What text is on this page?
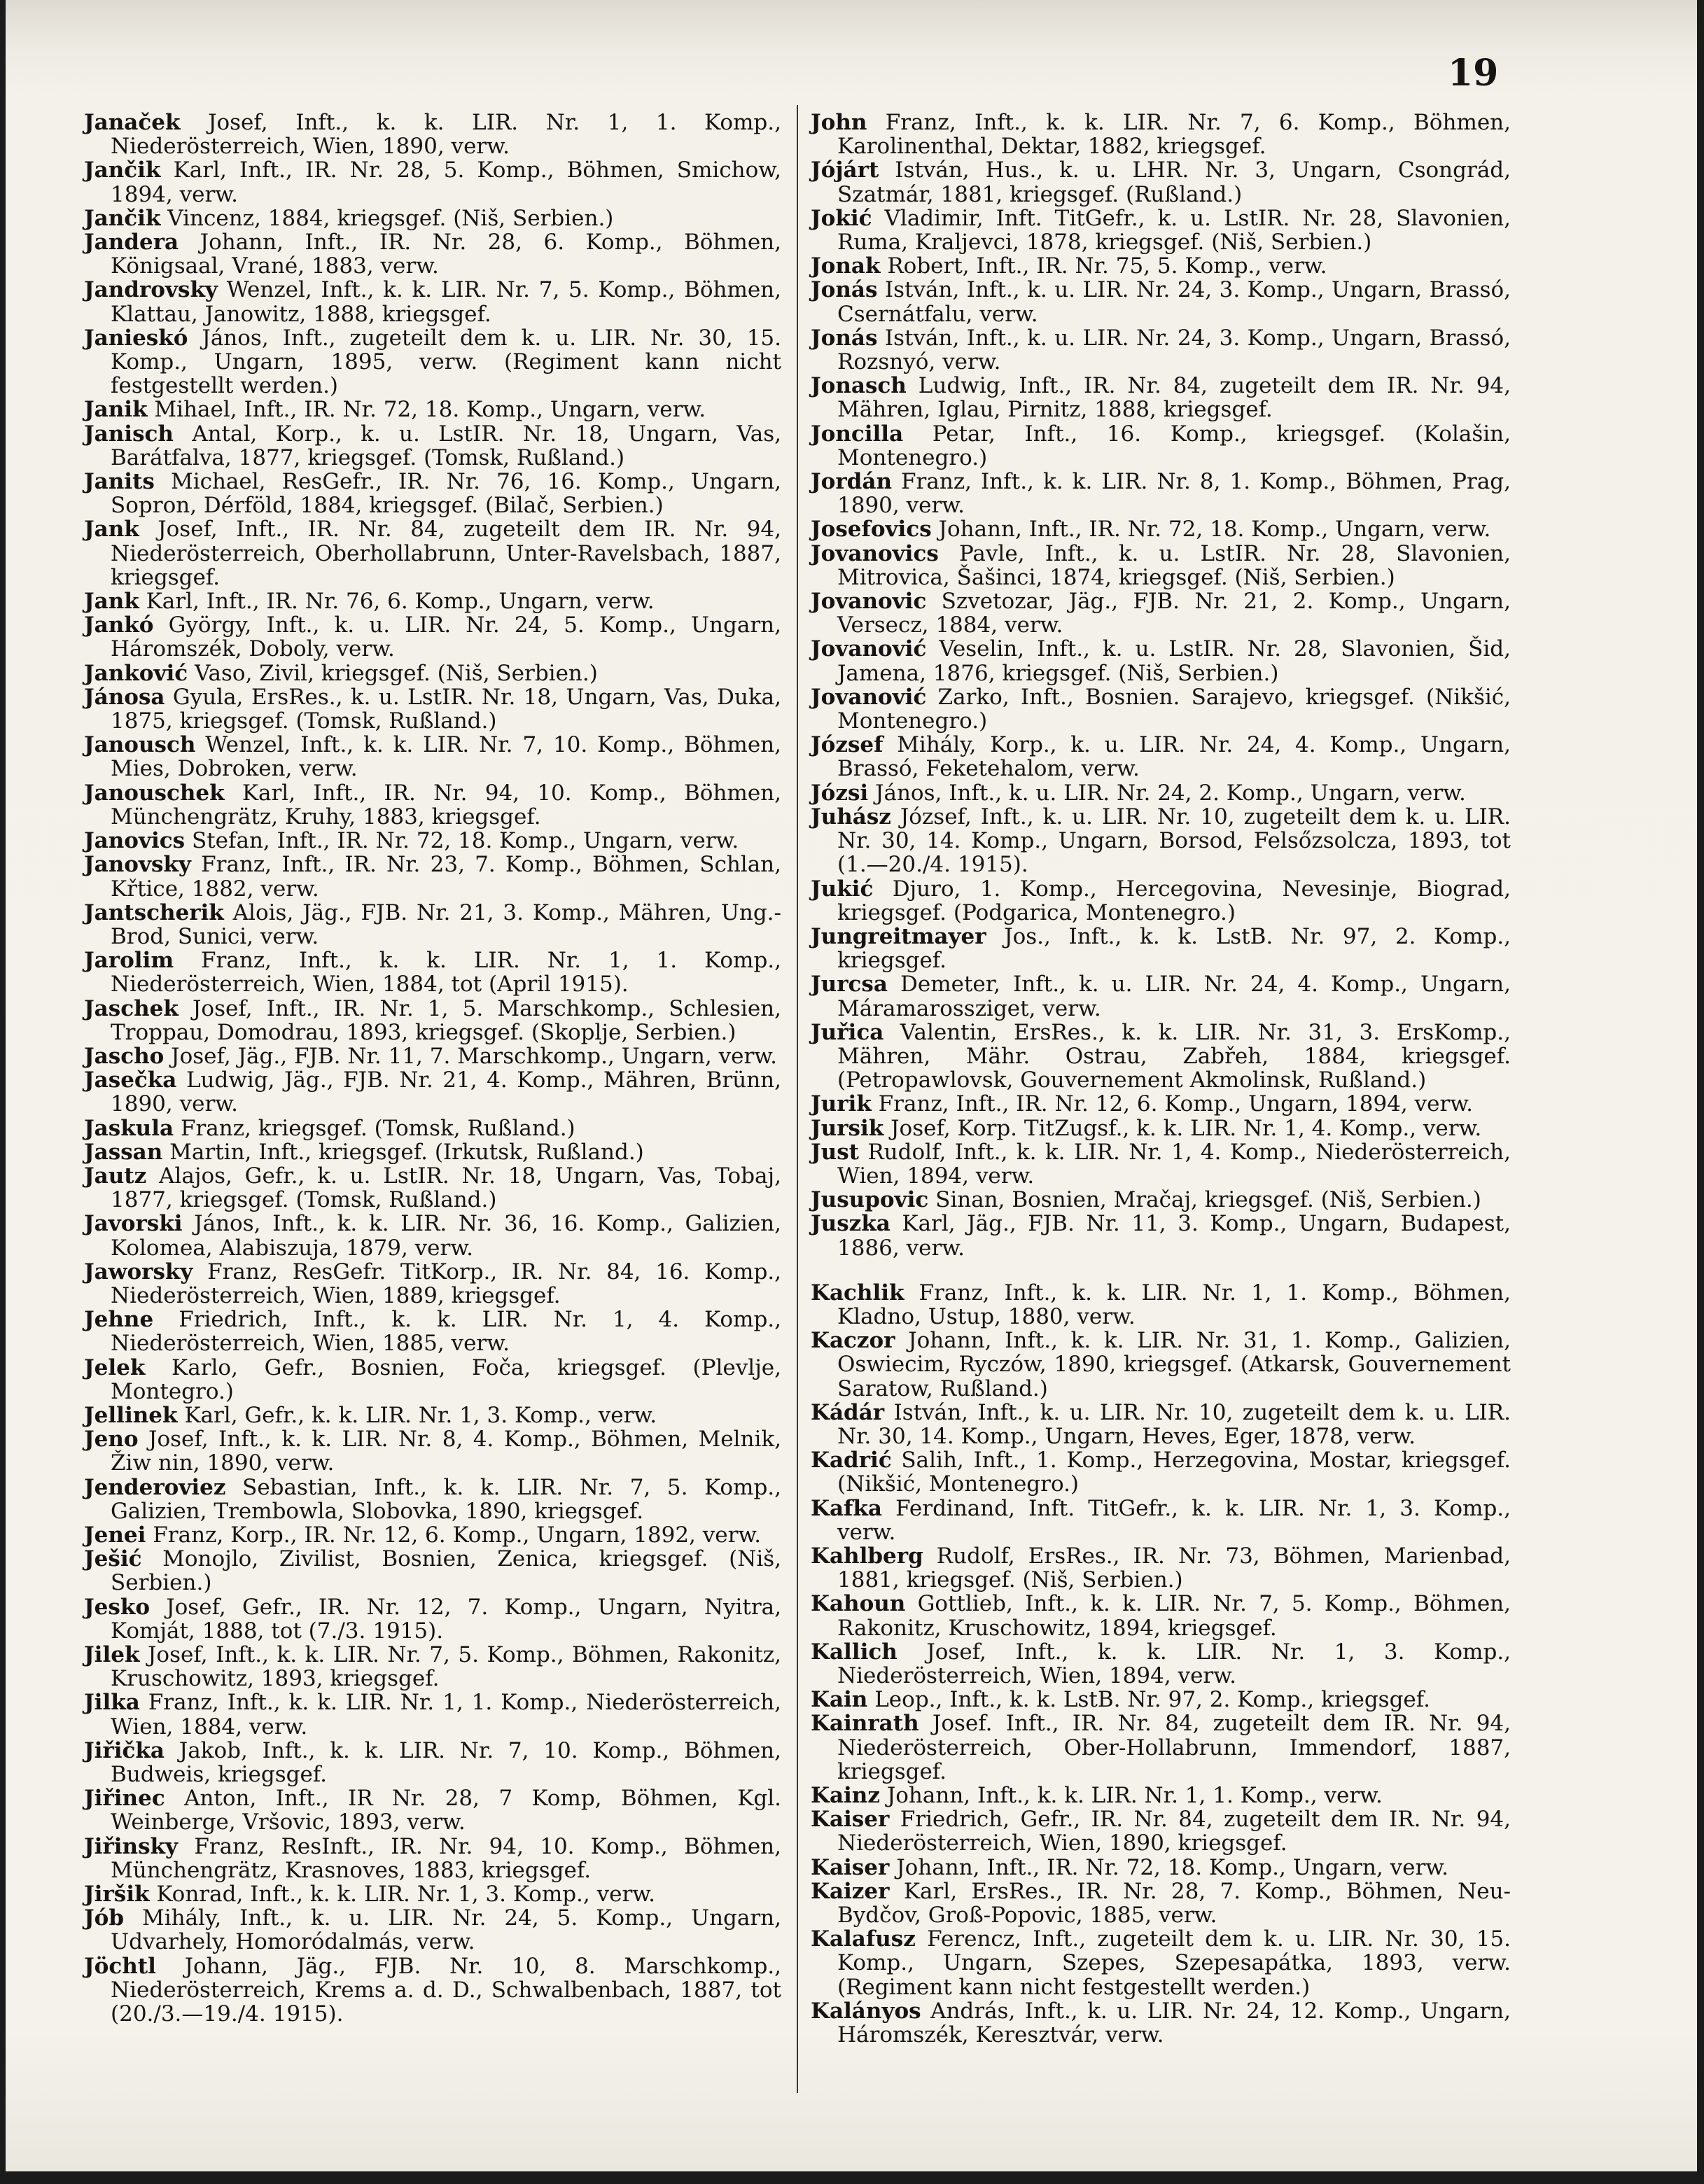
19

Janaček Josef, Inft., k. k. LIR. Nr. 1, 1. Komp., Niederösterreich, Wien, 1890, verw.

Jančik Karl, Inft., IR. Nr. 28, 5. Komp., Böhmen, Smichow, 1894, verw.

Jančik Vincenz, 1884, kriegsgef. (Niš, Serbien.)

Jandera Johann, Inft., IR. Nr. 28, 6. Komp., Böhmen, Königsaal, Vrané, 1883, verw.

Jandrovsky Wenzel, Inft., k. k. LIR. Nr. 7, 5. Komp., Böhmen, Klattau, Janowitz, 1888, kriegsgef.

Janieskó János, Inft., zugeteilt dem k. u. LIR. Nr. 30, 15. Komp., Ungarn, 1895, verw. (Regiment kann nicht festgestellt werden.)

Janik Mihael, Inft., IR. Nr. 72, 18. Komp., Ungarn, verw.

Janisch Antal, Korp., k. u. LstIR. Nr. 18, Ungarn, Vas, Barátfalva, 1877, kriegsgef. (Tomsk, Rußland.)

Janits Michael, ResGefr., IR. Nr. 76, 16. Komp., Ungarn, Sopron, Dérföld, 1884, kriegsgef. (Bilač, Serbien.)

Jank Josef, Inft., IR. Nr. 84, zugeteilt dem IR. Nr. 94, Niederösterreich, Oberhollabrunn, Unter-Ravelsbach, 1887, kriegsgef.

Jank Karl, Inft., IR. Nr. 76, 6. Komp., Ungarn, verw.

Jankó György, Inft., k. u. LIR. Nr. 24, 5. Komp., Ungarn, Háromszék, Doboly, verw.

Janković Vaso, Zivil, kriegsgef. (Niš, Serbien.)

Jánosa Gyula, ErsRes., k. u. LstIR. Nr. 18, Ungarn, Vas, Duka, 1875, kriegsgef. (Tomsk, Rußland.)

Janousch Wenzel, Inft., k. k. LIR. Nr. 7, 10. Komp., Böhmen, Mies, Dobroken, verw.

Janouschek Karl, Inft., IR. Nr. 94, 10. Komp., Böhmen, Münchengrätz, Kruhy, 1883, kriegsgef.

Janovics Stefan, Inft., IR. Nr. 72, 18. Komp., Ungarn, verw.

Janovsky Franz, Inft., IR. Nr. 23, 7. Komp., Böhmen, Schlan, Křtice, 1882, verw.

Jantscherik Alois, Jäg., FJB. Nr. 21, 3. Komp., Mähren, Ung.-Brod, Sunici, verw.

Jarolim Franz, Inft., k. k. LIR. Nr. 1, 1. Komp., Niederösterreich, Wien, 1884, tot (April 1915).

Jaschek Josef, Inft., IR. Nr. 1, 5. Marschkomp., Schlesien, Troppau, Domodrau, 1893, kriegsgef. (Skoplje, Serbien.)

Jascho Josef, Jäg., FJB. Nr. 11, 7. Marschkomp., Ungarn, verw.

Jasečka Ludwig, Jäg., FJB. Nr. 21, 4. Komp., Mähren, Brünn, 1890, verw.

Jaskula Franz, kriegsgef. (Tomsk, Rußland.)

Jassan Martin, Inft., kriegsgef. (Irkutsk, Rußland.)

Jautz Alajos, Gefr., k. u. LstIR. Nr. 18, Ungarn, Vas, Tobaj, 1877, kriegsgef. (Tomsk, Rußland.)

Javorski János, Inft., k. k. LIR. Nr. 36, 16. Komp., Galizien, Kolomea, Alabiszuja, 1879, verw.

Jaworsky Franz, ResGefr. TitKorp., IR. Nr. 84, 16. Komp., Niederösterreich, Wien, 1889, kriegsgef.

Jehne Friedrich, Inft., k. k. LIR. Nr. 1, 4. Komp., Niederösterreich, Wien, 1885, verw.

Jelek Karlo, Gefr., Bosnien, Foča, kriegsgef. (Plevlje, Montegro.)

Jellinek Karl, Gefr., k. k. LIR. Nr. 1, 3. Komp., verw.

Jeno Josef, Inft., k. k. LIR. Nr. 8, 4. Komp., Böhmen, Melnik, Žiw nin, 1890, verw.

Jenderoviez Sebastian, Inft., k. k. LIR. Nr. 7, 5. Komp., Galizien, Trembowla, Slobovka, 1890, kriegsgef.

Jenei Franz, Korp., IR. Nr. 12, 6. Komp., Ungarn, 1892, verw.

Ješić Monojlo, Zivilist, Bosnien, Zenica, kriegsgef. (Niš, Serbien.)

Jesko Josef, Gefr., IR. Nr. 12, 7. Komp., Ungarn, Nyitra, Komját, 1888, tot (7./3. 1915).

Jilek Josef, Inft., k. k. LIR. Nr. 7, 5. Komp., Böhmen, Rakonitz, Kruschowitz, 1893, kriegsgef.

Jilka Franz, Inft., k. k. LIR. Nr. 1, 1. Komp., Niederösterreich, Wien, 1884, verw.

Jiřička Jakob, Inft., k. k. LIR. Nr. 7, 10. Komp., Böhmen, Budweis, kriegsgef.

Jiřinec Anton, Inft., IR Nr. 28, 7 Komp, Böhmen, Kgl. Weinberge, Vršovic, 1893, verw.

Jiřinsky Franz, ResInft., IR. Nr. 94, 10. Komp., Böhmen, Münchengrätz, Krasnoves, 1883, kriegsgef.

Jiršik Konrad, Inft., k. k. LIR. Nr. 1, 3. Komp., verw.

Jób Mihály, Inft., k. u. LIR. Nr. 24, 5. Komp., Ungarn, Udvarhely, Homoródalmás, verw.

Jöchtl Johann, Jäg., FJB. Nr. 10, 8. Marschkomp., Niederösterreich, Krems a. d. D., Schwalbenbach, 1887, tot (20./3.—19./4. 1915).

John Franz, Inft., k. k. LIR. Nr. 7, 6. Komp., Böhmen, Karolinenthal, Dektar, 1882, kriegsgef.

Jójárt István, Hus., k. u. LHR. Nr. 3, Ungarn, Csongrád, Szatmár, 1881, kriegsgef. (Rußland.)

Jokić Vladimir, Inft. TitGefr., k. u. LstIR. Nr. 28, Slavonien, Ruma, Kraljevci, 1878, kriegsgef. (Niš, Serbien.)

Jonak Robert, Inft., IR. Nr. 75, 5. Komp., verw.

Jonás István, Inft., k. u. LIR. Nr. 24, 3. Komp., Ungarn, Brassó, Csernátfalu, verw.

Jonás István, Inft., k. u. LIR. Nr. 24, 3. Komp., Ungarn, Brassó, Rozsnyó, verw.

Jonasch Ludwig, Inft., IR. Nr. 84, zugeteilt dem IR. Nr. 94, Mähren, Iglau, Pirnitz, 1888, kriegsgef.

Joncilla Petar, Inft., 16. Komp., kriegsgef. (Kolašin, Montenegro.)

Jordán Franz, Inft., k. k. LIR. Nr. 8, 1. Komp., Böhmen, Prag, 1890, verw.

Josefovics Johann, Inft., IR. Nr. 72, 18. Komp., Ungarn, verw.

Jovanovics Pavle, Inft., k. u. LstIR. Nr. 28, Slavonien, Mitrovica, Šašinci, 1874, kriegsgef. (Niš, Serbien.)

Jovanovic Szvetozar, Jäg., FJB. Nr. 21, 2. Komp., Ungarn, Versecz, 1884, verw.

Jovanović Veselin, Inft., k. u. LstIR. Nr. 28, Slavonien, Šid, Jamena, 1876, kriegsgef. (Niš, Serbien.)

Jovanović Zarko, Inft., Bosnien. Sarajevo, kriegsgef. (Nikšić, Montenegro.)

József Mihály, Korp., k. u. LIR. Nr. 24, 4. Komp., Ungarn, Brassó, Feketehalom, verw.

Józsi János, Inft., k. u. LIR. Nr. 24, 2. Komp., Ungarn, verw.

Juhász József, Inft., k. u. LIR. Nr. 10, zugeteilt dem k. u. LIR. Nr. 30, 14. Komp., Ungarn, Borsod, Felsőzsolcza, 1893, tot (1.—20./4. 1915).

Jukić Djuro, 1. Komp., Hercegovina, Nevesinje, Biograd, kriegsgef. (Podgarica, Montenegro.)

Jungreitmayer Jos., Inft., k. k. LstB. Nr. 97, 2. Komp., kriegsgef.

Jurcsa Demeter, Inft., k. u. LIR. Nr. 24, 4. Komp., Ungarn, Máramarossziget, verw.

Juřica Valentin, ErsRes., k. k. LIR. Nr. 31, 3. ErsKomp., Mähren, Mähr. Ostrau, Zabřeh, 1884, kriegsgef. (Petropawlovsk, Gouvernement Akmolinsk, Rußland.)

Jurik Franz, Inft., IR. Nr. 12, 6. Komp., Ungarn, 1894, verw.

Jursik Josef, Korp. TitZugsf., k. k. LIR. Nr. 1, 4. Komp., verw.

Just Rudolf, Inft., k. k. LIR. Nr. 1, 4. Komp., Niederösterreich, Wien, 1894, verw.

Jusupovic Sinan, Bosnien, Mračaj, kriegsgef. (Niš, Serbien.)

Juszka Karl, Jäg., FJB. Nr. 11, 3. Komp., Ungarn, Budapest, 1886, verw.

Kachlik Franz, Inft., k. k. LIR. Nr. 1, 1. Komp., Böhmen, Kladno, Ustup, 1880, verw.

Kaczor Johann, Inft., k. k. LIR. Nr. 31, 1. Komp., Galizien, Oswiecim, Ryczów, 1890, kriegsgef. (Atkarsk, Gouvernement Saratow, Rußland.)

Kádár István, Inft., k. u. LIR. Nr. 10, zugeteilt dem k. u. LIR. Nr. 30, 14. Komp., Ungarn, Heves, Eger, 1878, verw.

Kadrić Salih, Inft., 1. Komp., Herzegovina, Mostar, kriegsgef. (Nikšić, Montenegro.)

Kafka Ferdinand, Inft. TitGefr., k. k. LIR. Nr. 1, 3. Komp., verw.

Kahlberg Rudolf, ErsRes., IR. Nr. 73, Böhmen, Marienbad, 1881, kriegsgef. (Niš, Serbien.)

Kahoun Gottlieb, Inft., k. k. LIR. Nr. 7, 5. Komp., Böhmen, Rakonitz, Kruschowitz, 1894, kriegsgef.

Kallich Josef, Inft., k. k. LIR. Nr. 1, 3. Komp., Niederösterreich, Wien, 1894, verw.

Kain Leop., Inft., k. k. LstB. Nr. 97, 2. Komp., kriegsgef.

Kainrath Josef. Inft., IR. Nr. 84, zugeteilt dem IR. Nr. 94, Niederösterreich, Ober-Hollabrunn, Immendorf, 1887, kriegsgef.

Kainz Johann, Inft., k. k. LIR. Nr. 1, 1. Komp., verw.

Kaiser Friedrich, Gefr., IR. Nr. 84, zugeteilt dem IR. Nr. 94, Niederösterreich, Wien, 1890, kriegsgef.

Kaiser Johann, Inft., IR. Nr. 72, 18. Komp., Ungarn, verw.

Kaizer Karl, ErsRes., IR. Nr. 28, 7. Komp., Böhmen, Neu-Bydčov, Groß-Popovic, 1885, verw.

Kalafusz Ferencz, Inft., zugeteilt dem k. u. LIR. Nr. 30, 15. Komp., Ungarn, Szepes, Szepesapátka, 1893, verw. (Regiment kann nicht festgestellt werden.)

Kalányos András, Inft., k. u. LIR. Nr. 24, 12. Komp., Ungarn, Háromszék, Keresztvár, verw.
